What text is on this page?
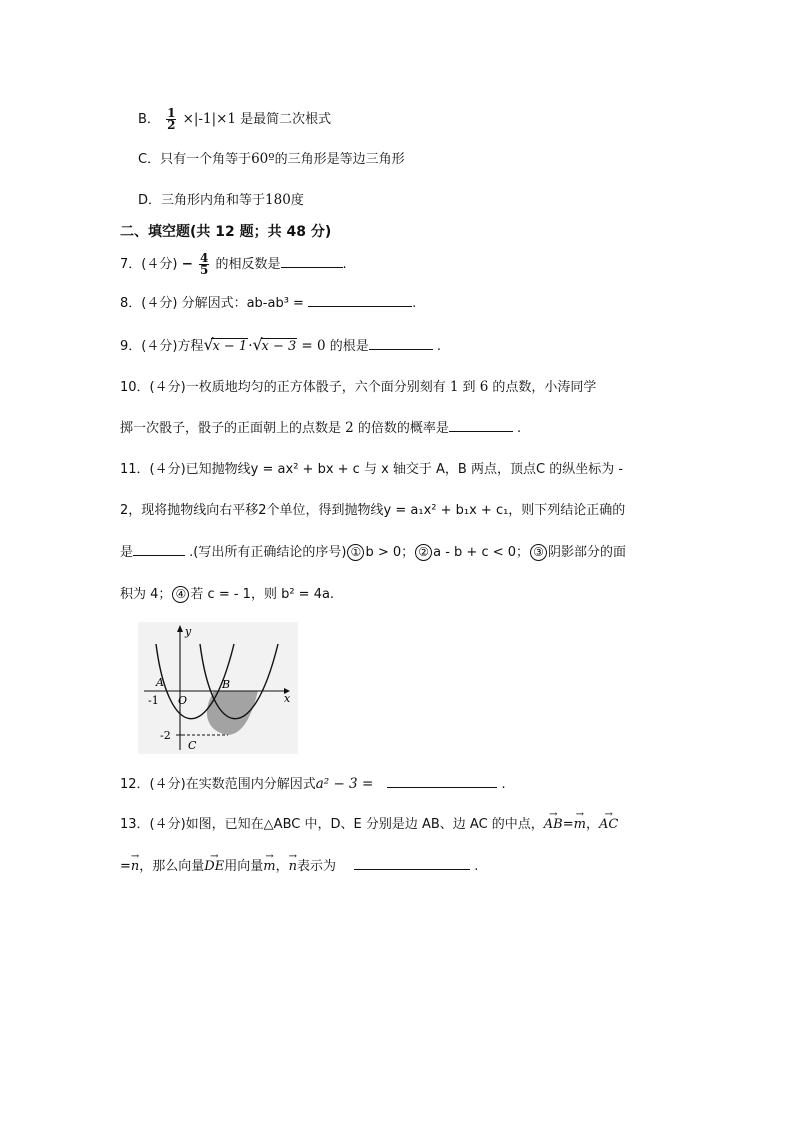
B． $\frac{1}{2} \times|-1|\times 1$ 是最简二次根式
C．只有一个角等于60º的三角形是等边三角形
D．三角形内角和等于180度
二、填空题(共 12 题；共 48 分)
7．(４分) − $\frac{4}{5}$ 的相反数是	.
8．(４分) 分解因式：ab-ab³ =	.
9．(４分)方程 √
x − 1· √
x − 3 = 0 的根是	.
10．(４分)一枚质地均匀的正方体骰子，六个面分别刻有 1 到 6 的点数，小涛同学
掷一次骰子，骰子的正面朝上的点数是 2 的倍数的概率是	.
11．(４分)已知抛物线y = ax² + bx + c 与 x 轴交于 A，B 两点，顶点C 的纵坐标为 -
2，现将抛物线向右平移2个单位，得到抛物线y = a₁x² + b₁x + c₁，则下列结论正确的
是	.(写出所有正确结论的序号) ① b > 0； ② a - b + c < 0； ③ 阴影部分的面
积为 4； ④ 若 c = - 1，则 b² = 4a.
y
x
A	B
O
C
-1
-2
12．(４分)在实数范围内分解因式a² − 3 =	.
13．(４分)如图，已知在△ABC 中，D、E 分别是边 AB、边 AC 的中点，
→
AB=
→
m，
→
AC
=
→
n，那么向量
→
DE用向量
→
m，
→
n表示为	.
